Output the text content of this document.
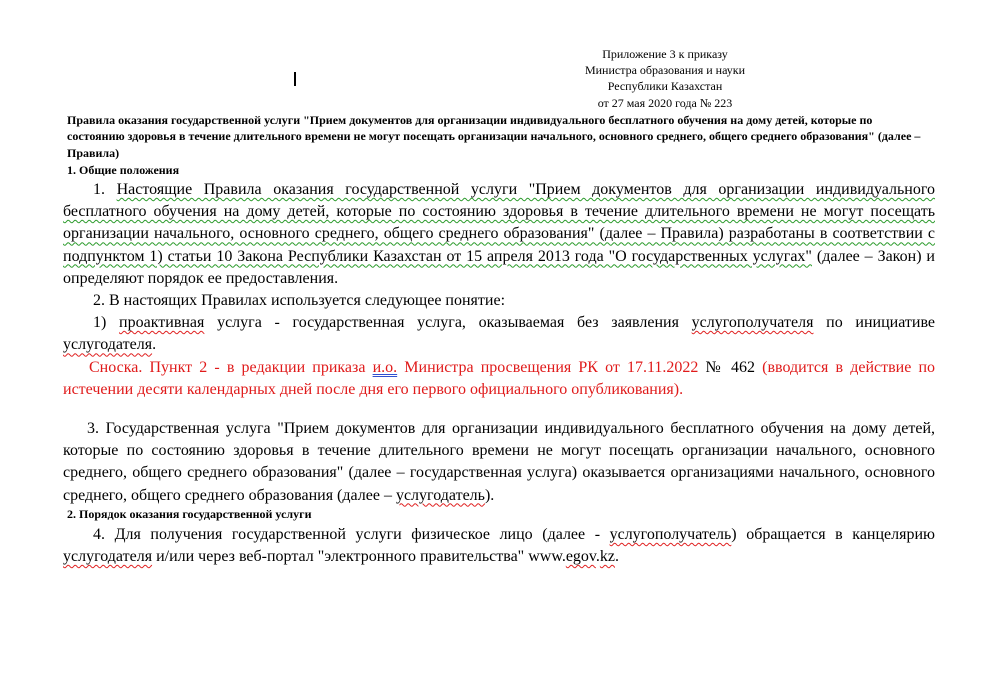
Приложение 3 к приказу
Министра образования и науки
Республики Казахстан
от 27 мая 2020 года № 223
Правила оказания государственной услуги "Прием документов для организации индивидуального бесплатного обучения на дому детей, которые по состоянию здоровья в течение длительного времени не могут посещать организации начального, основного среднего, общего среднего образования" (далее – Правила)
1. Общие положения

1. Настоящие Правила оказания государственной услуги "Прием документов для организации индивидуального бесплатного обучения на дому детей, которые по состоянию здоровья в течение длительного времени не могут посещать организации начального, основного среднего, общего среднего образования" (далее – Правила) разработаны в соответствии с подпунктом 1) статьи 10 Закона Республики Казахстан от 15 апреля 2013 года "О государственных услугах" (далее – Закон) и определяют порядок ее предоставления.

2. В настоящих Правилах используется следующее понятие:

1) проактивная услуга - государственная услуга, оказываемая без заявления услугополучателя по инициативе услугодателя.

Сноска. Пункт 2 - в редакции приказа и.о. Министра просвещения РК от 17.11.2022 № 462 (вводится в действие по истечении десяти календарных дней после дня его первого официального опубликования).

3. Государственная услуга "Прием документов для организации индивидуального бесплатного обучения на дому детей, которые по состоянию здоровья в течение длительного времени не могут посещать организации начального, основного среднего, общего среднего образования" (далее – государственная услуга) оказывается организациями начального, основного среднего, общего среднего образования (далее – услугодатель).

2. Порядок оказания государственной услуги

4. Для получения государственной услуги физическое лицо (далее - услугополучатель) обращается в канцелярию услугодателя и/или через веб-портал "электронного правительства" www.egov.kz.
